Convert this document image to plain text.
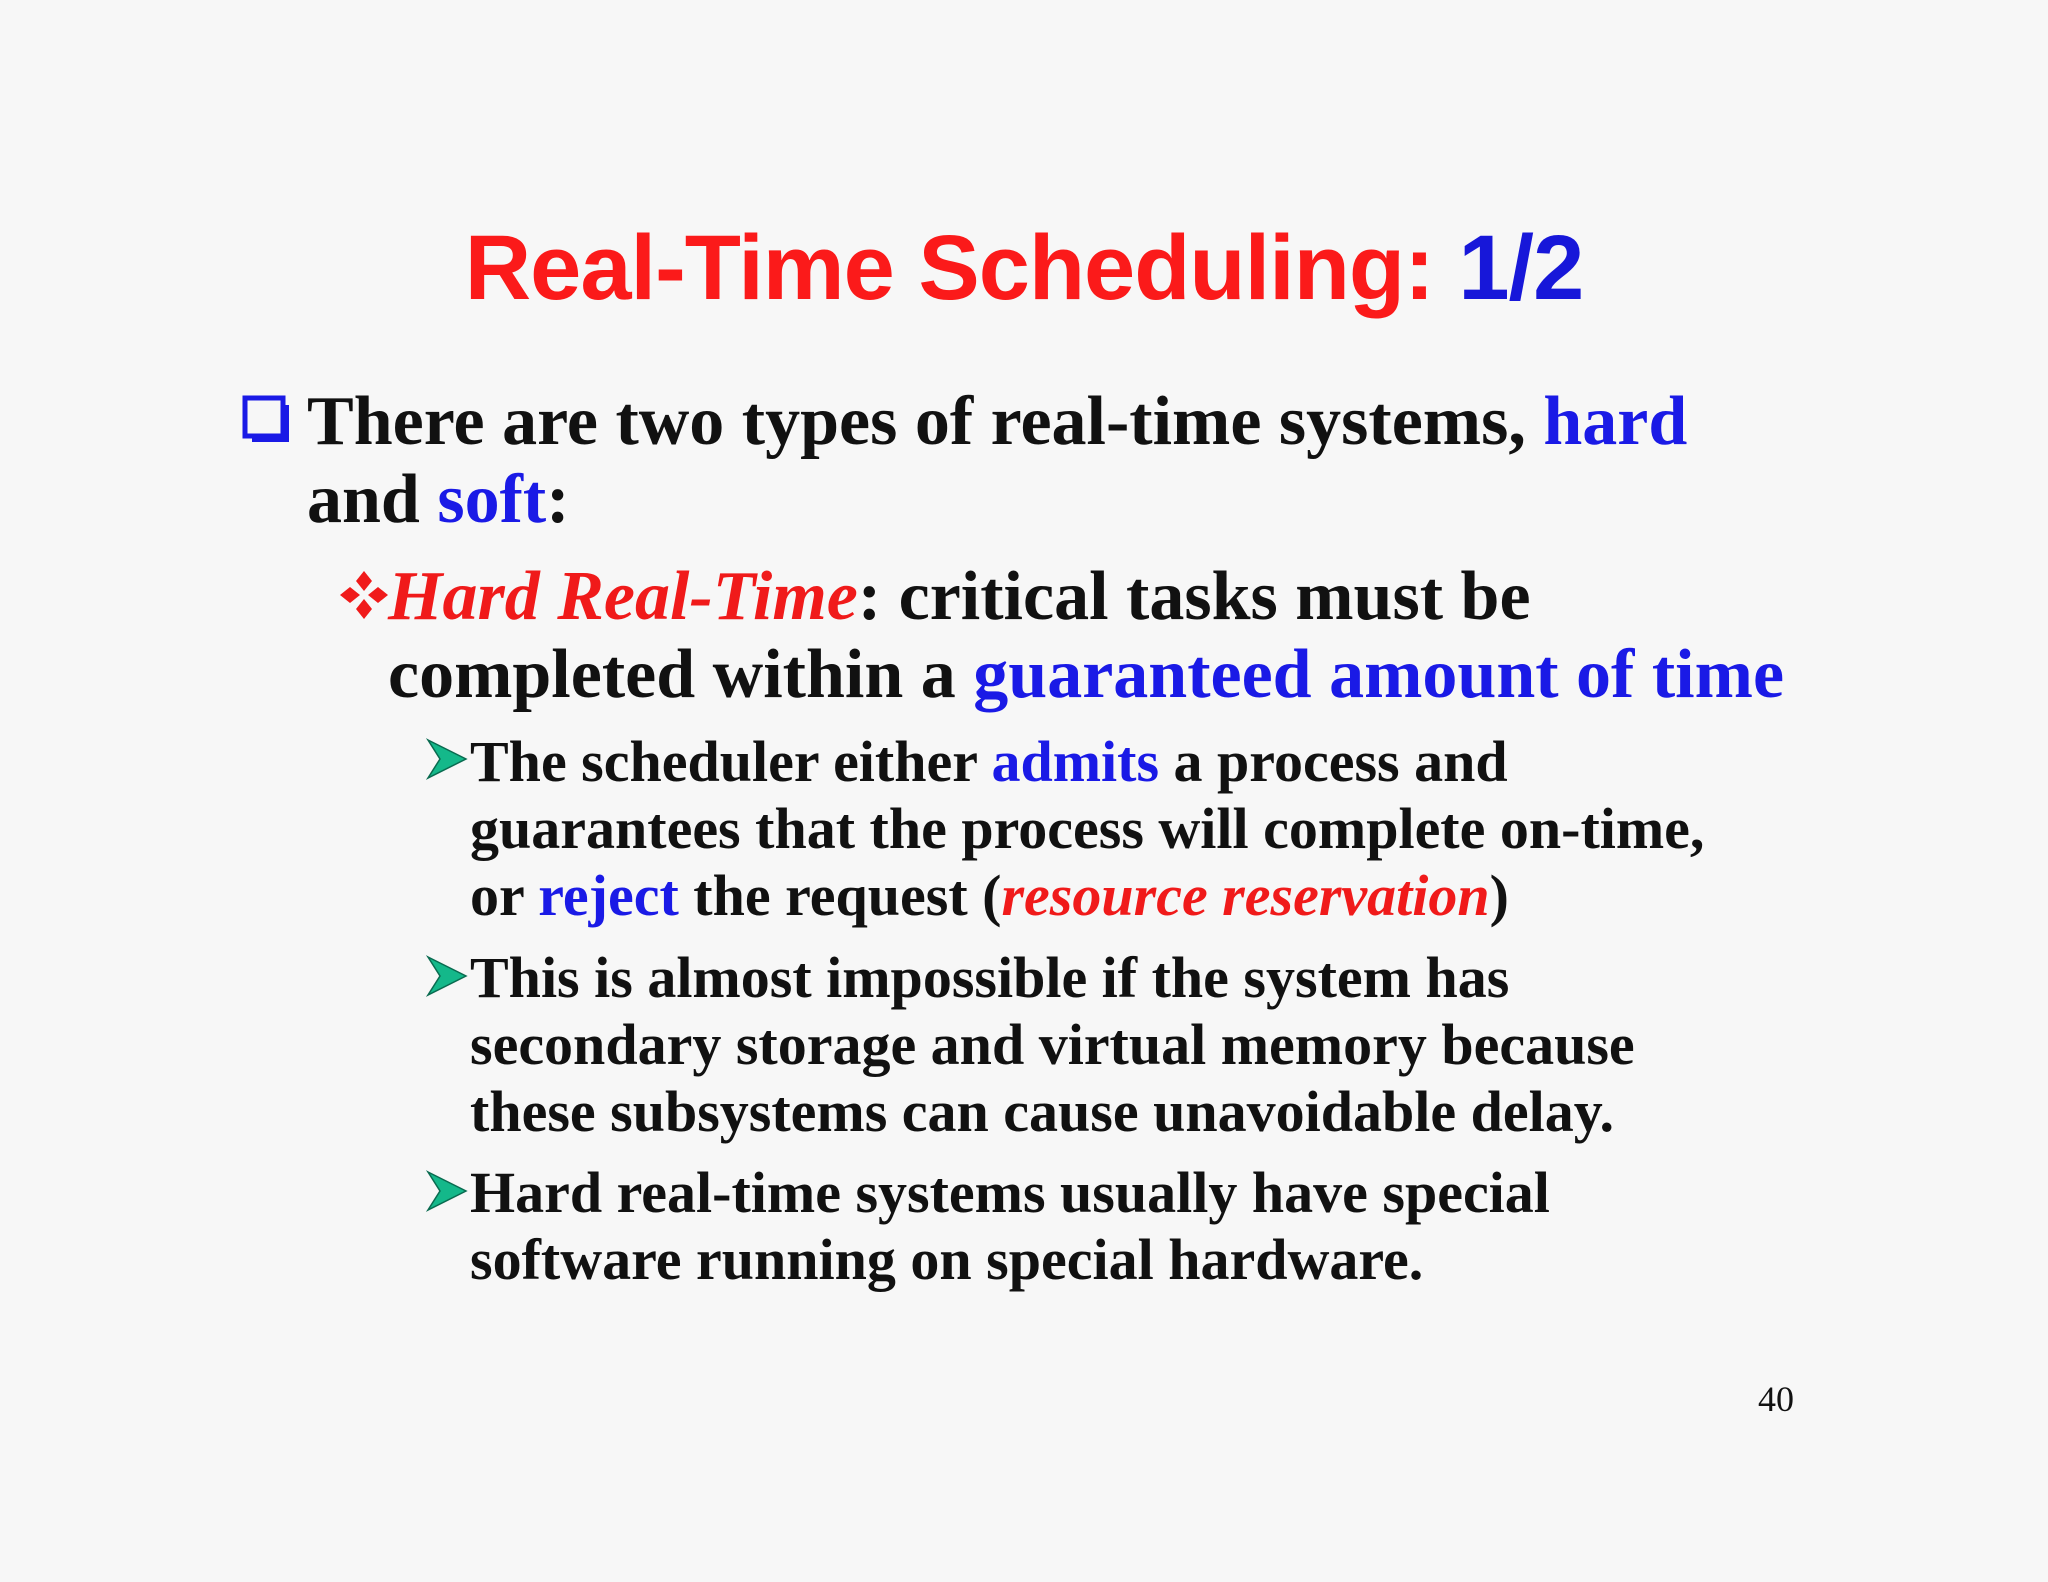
Real-Time Scheduling: 1/2
There are two types of real-time systems, hard
and soft:
Hard Real-Time: critical tasks must be
completed within a guaranteed amount of time
The scheduler either admits a process and
guarantees that the process will complete on-time,
or reject the request (resource reservation)
This is almost impossible if the system has
secondary storage and virtual memory because
these subsystems can cause unavoidable delay.
Hard real-time systems usually have special
software running on special hardware.
40
